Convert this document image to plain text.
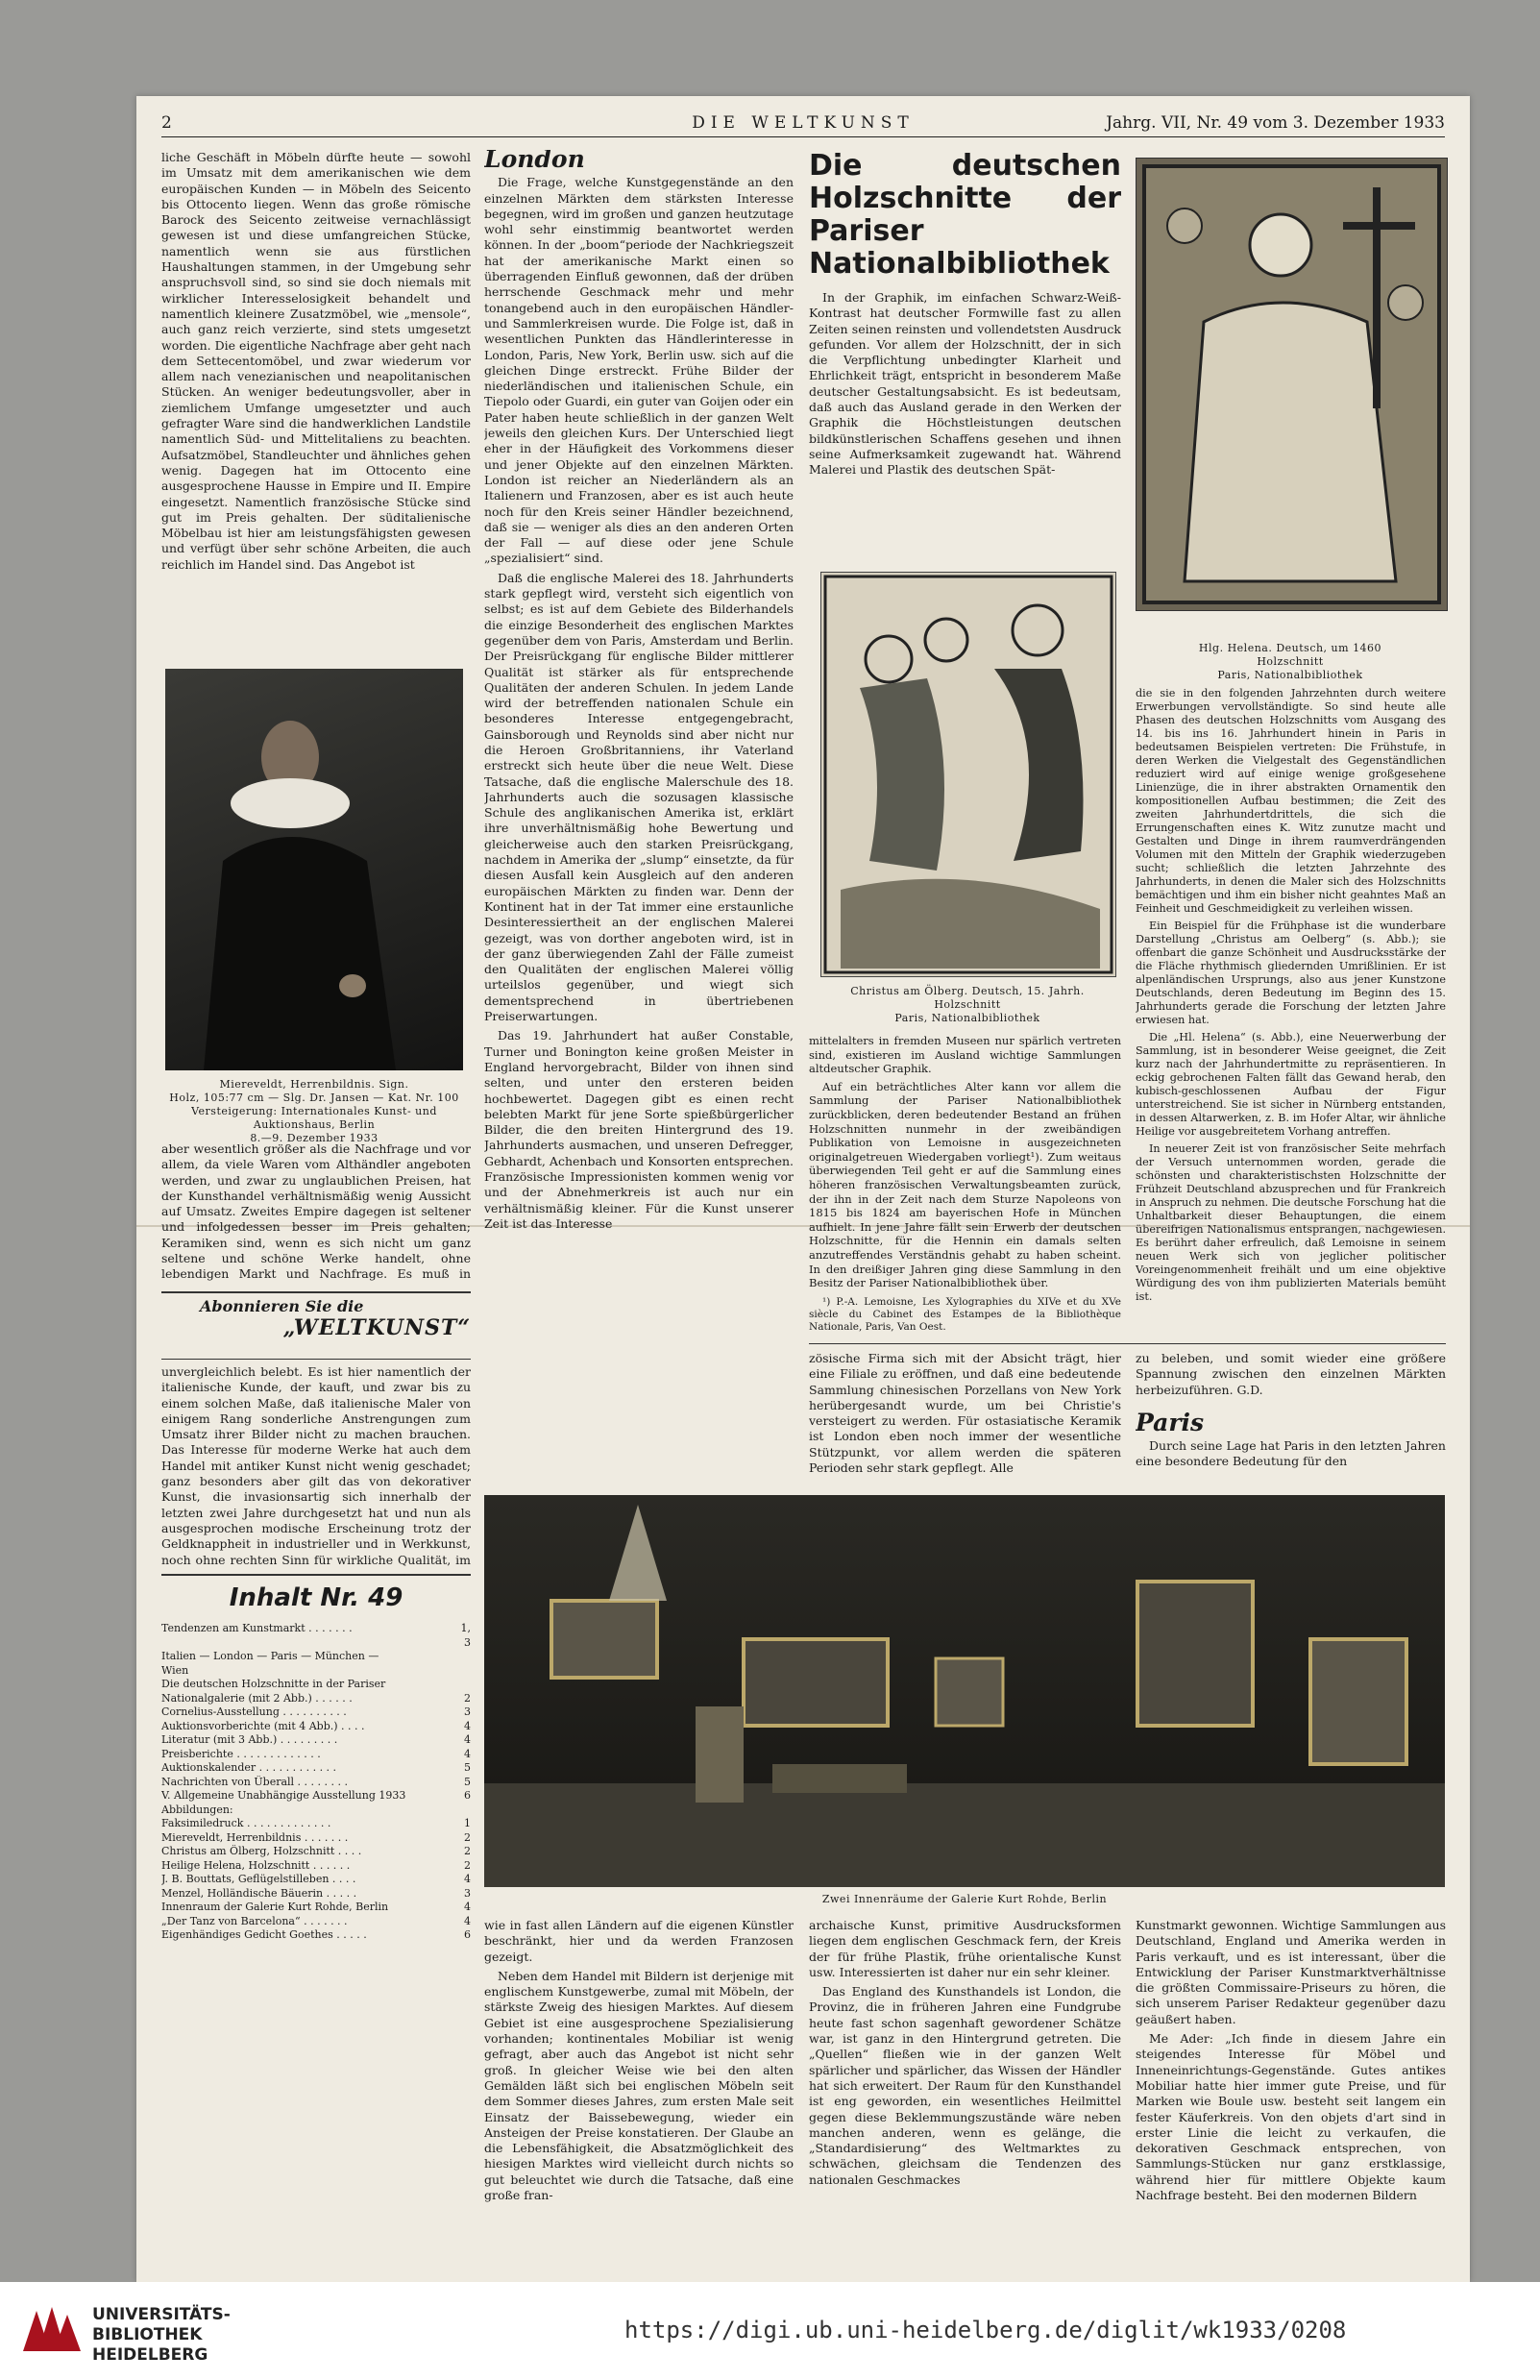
2	DIE WELTKUNST	Jahrg. VII, Nr. 49 vom 3. Dezember 1933

liche Geschäft in Möbeln dürfte heute — sowohl im Umsatz mit dem amerikanischen wie dem europäischen Kunden — in Möbeln des Seicento bis Ottocento liegen. Wenn das große römische Barock des Seicento zeitweise vernachlässigt gewesen ist und diese umfangreichen Stücke, namentlich wenn sie aus fürstlichen Haushaltungen stammen, in der Umgebung sehr anspruchsvoll sind, so sind sie doch niemals mit wirklicher Interesselosigkeit behandelt und namentlich kleinere Zusatzmöbel, wie „mensole“, auch ganz reich verzierte, sind stets umgesetzt worden. Die eigentliche Nachfrage aber geht nach dem Settecentomöbel, und zwar wiederum vor allem nach venezianischen und neapolitanischen Stücken. An weniger bedeutungsvoller, aber in ziemlichem Umfange umgesetzter und auch gefragter Ware sind die handwerklichen Landstile namentlich Süd- und Mittelitaliens zu beachten. Aufsatzmöbel, Standleuchter und ähnliches gehen wenig. Dagegen hat im Ottocento eine ausgesprochene Hausse in Empire und II. Empire eingesetzt. Namentlich französische Stücke sind gut im Preis gehalten. Der süditalienische Möbelbau ist hier am leistungsfähigsten gewesen und verfügt über sehr schöne Arbeiten, die auch reichlich im Handel sind. Das Angebot ist

Miereveldt, Herrenbildnis. Sign.
Holz, 105:77 cm — Slg. Dr. Jansen — Kat. Nr. 100
Versteigerung: Internationales Kunst- und Auktionshaus, Berlin
8.—9. Dezember 1933

aber wesentlich größer als die Nachfrage und vor allem, da viele Waren vom Althändler angeboten werden, und zwar zu unglaublichen Preisen, hat der Kunsthandel verhältnismäßig wenig Aussicht auf Umsatz. Zweites Empire dagegen ist seltener und infolgedessen besser im Preis gehalten; Keramiken sind, wenn es sich nicht um ganz seltene und schöne Werke handelt, ohne lebendigen Markt und Nachfrage. Es muß in

Abonnieren Sie die
„WELTKUNST“

unvergleichlich belebt. Es ist hier namentlich der italienische Kunde, der kauft, und zwar bis zu einem solchen Maße, daß italienische Maler von einigem Rang sonderliche Anstrengungen zum Umsatz ihrer Bilder nicht zu machen brauchen. Das Interesse für moderne Werke hat auch dem Handel mit antiker Kunst nicht wenig geschadet; ganz besonders aber gilt das von dekorativer Kunst, die invasionsartig sich innerhalb der letzten zwei Jahre durchgesetzt hat und nun als ausgesprochen modische Erscheinung trotz der Geldknappheit in industrieller und in Werkkunst, noch ohne rechten Sinn für wirkliche Qualität, im

Inhalt Nr. 49
Tendenzen am Kunstmarkt . . . . . . .	1, 3
Italien — London — Paris — München —
Wien
Die deutschen Holzschnitte in der Pariser
Nationalgalerie (mit 2 Abb.) . . . . . .	2
Cornelius-Ausstellung . . . . . . . . . .	3
Auktionsvorberichte (mit 4 Abb.) . . . .	4
Literatur (mit 3 Abb.) . . . . . . . . .	4
Preisberichte . . . . . . . . . . . . .	4
Auktionskalender . . . . . . . . . . . .	5
Nachrichten von Überall . . . . . . . .	5
V. Allgemeine Unabhängige Ausstellung 1933	6
Abbildungen:
Faksimiledruck . . . . . . . . . . . . .	1
Miereveldt, Herrenbildnis . . . . . . .	2
Christus am Ölberg, Holzschnitt . . . .	2
Heilige Helena, Holzschnitt . . . . . .	2
J. B. Bouttats, Geflügelstilleben . . . .	4
Menzel, Holländische Bäuerin . . . . .	3
Innenraum der Galerie Kurt Rohde, Berlin	4
„Der Tanz von Barcelona“ . . . . . . .	4
Eigenhändiges Gedicht Goethes . . . . .	6
London

Die Frage, welche Kunstgegenstände an den einzelnen Märkten dem stärksten Interesse begegnen, wird im großen und ganzen heutzutage wohl sehr einstimmig beantwortet werden können. In der „boom“periode der Nachkriegszeit hat der amerikanische Markt einen so überragenden Einfluß gewonnen, daß der drüben herrschende Geschmack mehr und mehr tonangebend auch in den europäischen Händler- und Sammlerkreisen wurde. Die Folge ist, daß in wesentlichen Punkten das Händlerinteresse in London, Paris, New York, Berlin usw. sich auf die gleichen Dinge erstreckt. Frühe Bilder der niederländischen und italienischen Schule, ein Tiepolo oder Guardi, ein guter van Goijen oder ein Pater haben heute schließlich in der ganzen Welt jeweils den gleichen Kurs. Der Unterschied liegt eher in der Häufigkeit des Vorkommens dieser und jener Objekte auf den einzelnen Märkten. London ist reicher an Niederländern als an Italienern und Franzosen, aber es ist auch heute noch für den Kreis seiner Händler bezeichnend, daß sie — weniger als dies an den anderen Orten der Fall — auf diese oder jene Schule „spezialisiert“ sind.

Daß die englische Malerei des 18. Jahrhunderts stark gepflegt wird, versteht sich eigentlich von selbst; es ist auf dem Gebiete des Bilderhandels die einzige Besonderheit des englischen Marktes gegenüber dem von Paris, Amsterdam und Berlin. Der Preisrückgang für englische Bilder mittlerer Qualität ist stärker als für entsprechende Qualitäten der anderen Schulen. In jedem Lande wird der betreffenden nationalen Schule ein besonderes Interesse entgegengebracht, Gainsborough und Reynolds sind aber nicht nur die Heroen Großbritanniens, ihr Vaterland erstreckt sich heute über die neue Welt. Diese Tatsache, daß die englische Malerschule des 18. Jahrhunderts auch die sozusagen klassische Schule des anglikanischen Amerika ist, erklärt ihre unverhältnismäßig hohe Bewertung und gleicherweise auch den starken Preisrückgang, nachdem in Amerika der „slump“ einsetzte, da für diesen Ausfall kein Ausgleich auf den anderen europäischen Märkten zu finden war. Denn der Kontinent hat in der Tat immer eine erstaunliche Desinteressiertheit an der englischen Malerei gezeigt, was von dorther angeboten wird, ist in der ganz überwiegenden Zahl der Fälle zumeist den Qualitäten der englischen Malerei völlig urteilslos gegenüber, und wiegt sich dementsprechend in übertriebenen Preiserwartungen.

Das 19. Jahrhundert hat außer Constable, Turner und Bonington keine großen Meister in England hervorgebracht, Bilder von ihnen sind selten, und unter den ersteren beiden hochbewertet. Dagegen gibt es einen recht belebten Markt für jene Sorte spießbürgerlicher Bilder, die den breiten Hintergrund des 19. Jahrhunderts ausmachen, und unseren Defregger, Gebhardt, Achenbach und Konsorten entsprechen. Französische Impressionisten kommen wenig vor und der Abnehmerkreis ist auch nur ein verhältnismäßig kleiner. Für die Kunst unserer Zeit ist das Interesse

Die deutschen Holzschnitte der Pariser Nationalbibliothek

In der Graphik, im einfachen Schwarz-Weiß-Kontrast hat deutscher Formwille fast zu allen Zeiten seinen reinsten und vollendetsten Ausdruck gefunden. Vor allem der Holzschnitt, der in sich die Verpflichtung unbedingter Klarheit und Ehrlichkeit trägt, entspricht in besonderem Maße deutscher Gestaltungsabsicht. Es ist bedeutsam, daß auch das Ausland gerade in den Werken der Graphik die Höchstleistungen deutschen bildkünstlerischen Schaffens gesehen und ihnen seine Aufmerksamkeit zugewandt hat. Während Malerei und Plastik des deutschen Spät-

Christus am Ölberg. Deutsch, 15. Jahrh.
Holzschnitt
Paris, Nationalbibliothek

mittelalters in fremden Museen nur spärlich vertreten sind, existieren im Ausland wichtige Sammlungen altdeutscher Graphik.

Auf ein beträchtliches Alter kann vor allem die Sammlung der Pariser Nationalbibliothek zurückblicken, deren bedeutender Bestand an frühen Holzschnitten nunmehr in der zweibändigen Publikation von Lemoisne in ausgezeichneten originalgetreuen Wiedergaben vorliegt¹). Zum weitaus überwiegenden Teil geht er auf die Sammlung eines höheren französischen Verwaltungsbeamten zurück, der ihn in der Zeit nach dem Sturze Napoleons von 1815 bis 1824 am bayerischen Hofe in München aufhielt. In jene Jahre fällt sein Erwerb der deutschen Holzschnitte, für die Hennin ein damals selten anzutreffendes Verständnis gehabt zu haben scheint. In den dreißiger Jahren ging diese Sammlung in den Besitz der Pariser Nationalbibliothek über.

¹) P.-A. Lemoisne, Les Xylographies du XIVe et du XVe siècle du Cabinet des Estampes de la Bibliothèque Nationale, Paris, Van Oest.

Hlg. Helena. Deutsch, um 1460
Holzschnitt
Paris, Nationalbibliothek

die sie in den folgenden Jahrzehnten durch weitere Erwerbungen vervollständigte. So sind heute alle Phasen des deutschen Holzschnitts vom Ausgang des 14. bis ins 16. Jahrhundert hinein in Paris in bedeutsamen Beispielen vertreten: Die Frühstufe, in deren Werken die Vielgestalt des Gegenständlichen reduziert wird auf einige wenige großgesehene Linienzüge, die in ihrer abstrakten Ornamentik den kompositionellen Aufbau bestimmen; die Zeit des zweiten Jahrhundertdrittels, die sich die Errungenschaften eines K. Witz zunutze macht und Gestalten und Dinge in ihrem raumverdrängenden Volumen mit den Mitteln der Graphik wiederzugeben sucht; schließlich die letzten Jahrzehnte des Jahrhunderts, in denen die Maler sich des Holzschnitts bemächtigen und ihm ein bisher nicht geahntes Maß an Feinheit und Geschmeidigkeit zu verleihen wissen.

Ein Beispiel für die Frühphase ist die wunderbare Darstellung „Christus am Oelberg“ (s. Abb.); sie offenbart die ganze Schönheit und Ausdrucksstärke der die Fläche rhythmisch gliedernden Umrißlinien. Er ist alpenländischen Ursprungs, also aus jener Kunstzone Deutschlands, deren Bedeutung im Beginn des 15. Jahrhunderts gerade die Forschung der letzten Jahre erwiesen hat.

Die „Hl. Helena“ (s. Abb.), eine Neuerwerbung der Sammlung, ist in besonderer Weise geeignet, die Zeit kurz nach der Jahrhundertmitte zu repräsentieren. In eckig gebrochenen Falten fällt das Gewand herab, den kubisch-geschlossenen Aufbau der Figur unterstreichend. Sie ist sicher in Nürnberg entstanden, in dessen Altarwerken, z. B. im Hofer Altar, wir ähnliche Heilige vor ausgebreitetem Vorhang antreffen.

In neuerer Zeit ist von französischer Seite mehrfach der Versuch unternommen worden, gerade die schönsten und charakteristischsten Holzschnitte der Frühzeit Deutschland abzusprechen und für Frankreich in Anspruch zu nehmen. Die deutsche Forschung hat die Unhaltbarkeit dieser Behauptungen, die einem übereifrigen Nationalismus entsprangen, nachgewiesen. Es berührt daher erfreulich, daß Lemoisne in seinem neuen Werk sich von jeglicher politischer Voreingenommenheit freihält und um eine objektive Würdigung des von ihm publizierten Materials bemüht ist.

zösische Firma sich mit der Absicht trägt, hier eine Filiale zu eröffnen, und daß eine bedeutende Sammlung chinesischen Porzellans von New York herübergesandt wurde, um bei Christie's versteigert zu werden. Für ostasiatische Keramik ist London eben noch immer der wesentliche Stützpunkt, vor allem werden die späteren Perioden sehr stark gepflegt. Alle

zu beleben, und somit wieder eine größere Spannung zwischen den einzelnen Märkten herbeizuführen. G.D.

Paris

Durch seine Lage hat Paris in den letzten Jahren eine besondere Bedeutung für den

Zwei Innenräume der Galerie Kurt Rohde, Berlin

wie in fast allen Ländern auf die eigenen Künstler beschränkt, hier und da werden Franzosen gezeigt.

Neben dem Handel mit Bildern ist derjenige mit englischem Kunstgewerbe, zumal mit Möbeln, der stärkste Zweig des hiesigen Marktes. Auf diesem Gebiet ist eine ausgesprochene Spezialisierung vorhanden; kontinentales Mobiliar ist wenig gefragt, aber auch das Angebot ist nicht sehr groß. In gleicher Weise wie bei den alten Gemälden läßt sich bei englischen Möbeln seit dem Sommer dieses Jahres, zum ersten Male seit Einsatz der Baissebewegung, wieder ein Ansteigen der Preise konstatieren. Der Glaube an die Lebensfähigkeit, die Absatzmöglichkeit des hiesigen Marktes wird vielleicht durch nichts so gut beleuchtet wie durch die Tatsache, daß eine große fran-

archaische Kunst, primitive Ausdrucksformen liegen dem englischen Geschmack fern, der Kreis der für frühe Plastik, frühe orientalische Kunst usw. Interessierten ist daher nur ein sehr kleiner.

Das England des Kunsthandels ist London, die Provinz, die in früheren Jahren eine Fundgrube heute fast schon sagenhaft gewordener Schätze war, ist ganz in den Hintergrund getreten. Die „Quellen“ fließen wie in der ganzen Welt spärlicher und spärlicher, das Wissen der Händler hat sich erweitert. Der Raum für den Kunsthandel ist eng geworden, ein wesentliches Heilmittel gegen diese Beklemmungszustände wäre neben manchen anderen, wenn es gelänge, die „Standardisierung“ des Weltmarktes zu schwächen, gleichsam die Tendenzen des nationalen Geschmackes

Kunstmarkt gewonnen. Wichtige Sammlungen aus Deutschland, England und Amerika werden in Paris verkauft, und es ist interessant, über die Entwicklung der Pariser Kunstmarktverhältnisse die größten Commissaire-Priseurs zu hören, die sich unserem Pariser Redakteur gegenüber dazu geäußert haben.

Me Ader: „Ich finde in diesem Jahre ein steigendes Interesse für Möbel und Inneneinrichtungs-Gegenstände. Gutes antikes Mobiliar hatte hier immer gute Preise, und für Marken wie Boule usw. besteht seit langem ein fester Käuferkreis. Von den objets d'art sind in erster Linie die leicht zu verkaufen, die dekorativen Geschmack entsprechen, von Sammlungs-Stücken nur ganz erstklassige, während hier für mittlere Objekte kaum Nachfrage besteht. Bei den modernen Bildern

UNIVERSITÄTS-
BIBLIOTHEK
HEIDELBERG
https://digi.ub.uni-heidelberg.de/diglit/wk1933/0208
